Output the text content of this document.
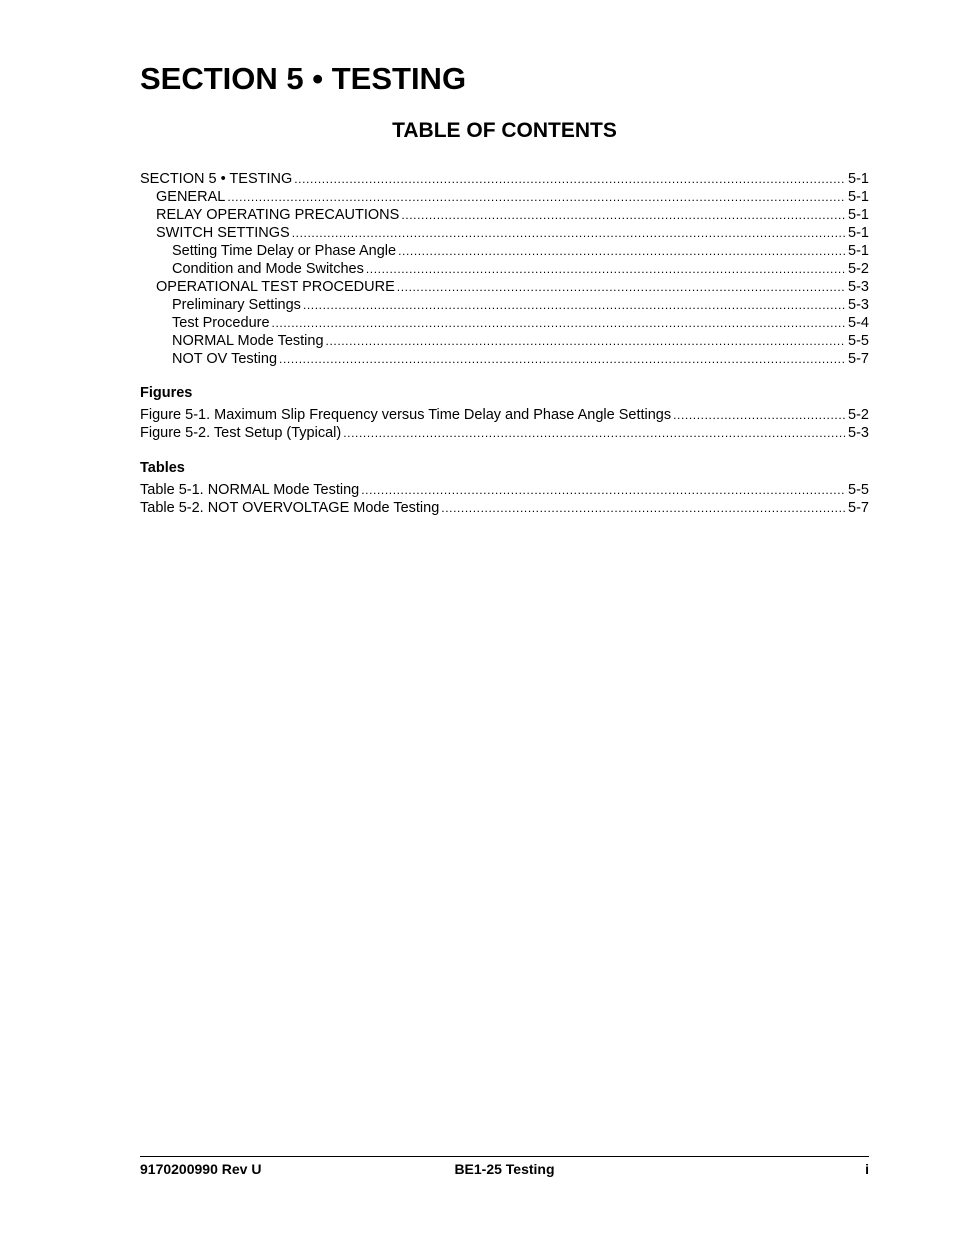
SECTION 5 • TESTING
TABLE OF CONTENTS
SECTION 5 • TESTING .....	5-1
GENERAL .....	5-1
RELAY OPERATING PRECAUTIONS .....	5-1
SWITCH SETTINGS .....	5-1
Setting Time Delay or Phase Angle .....	5-1
Condition and Mode Switches .....	5-2
OPERATIONAL TEST PROCEDURE .....	5-3
Preliminary Settings .....	5-3
Test Procedure .....	5-4
NORMAL Mode Testing .....	5-5
NOT OV Testing .....	5-7
Figures
Figure 5-1. Maximum Slip Frequency versus Time Delay and Phase Angle Settings .....	5-2
Figure 5-2. Test Setup (Typical) .....	5-3
Tables
Table 5-1. NORMAL Mode Testing .....	5-5
Table 5-2. NOT OVERVOLTAGE Mode Testing .....	5-7
9170200990 Rev U	BE1-25 Testing	i
